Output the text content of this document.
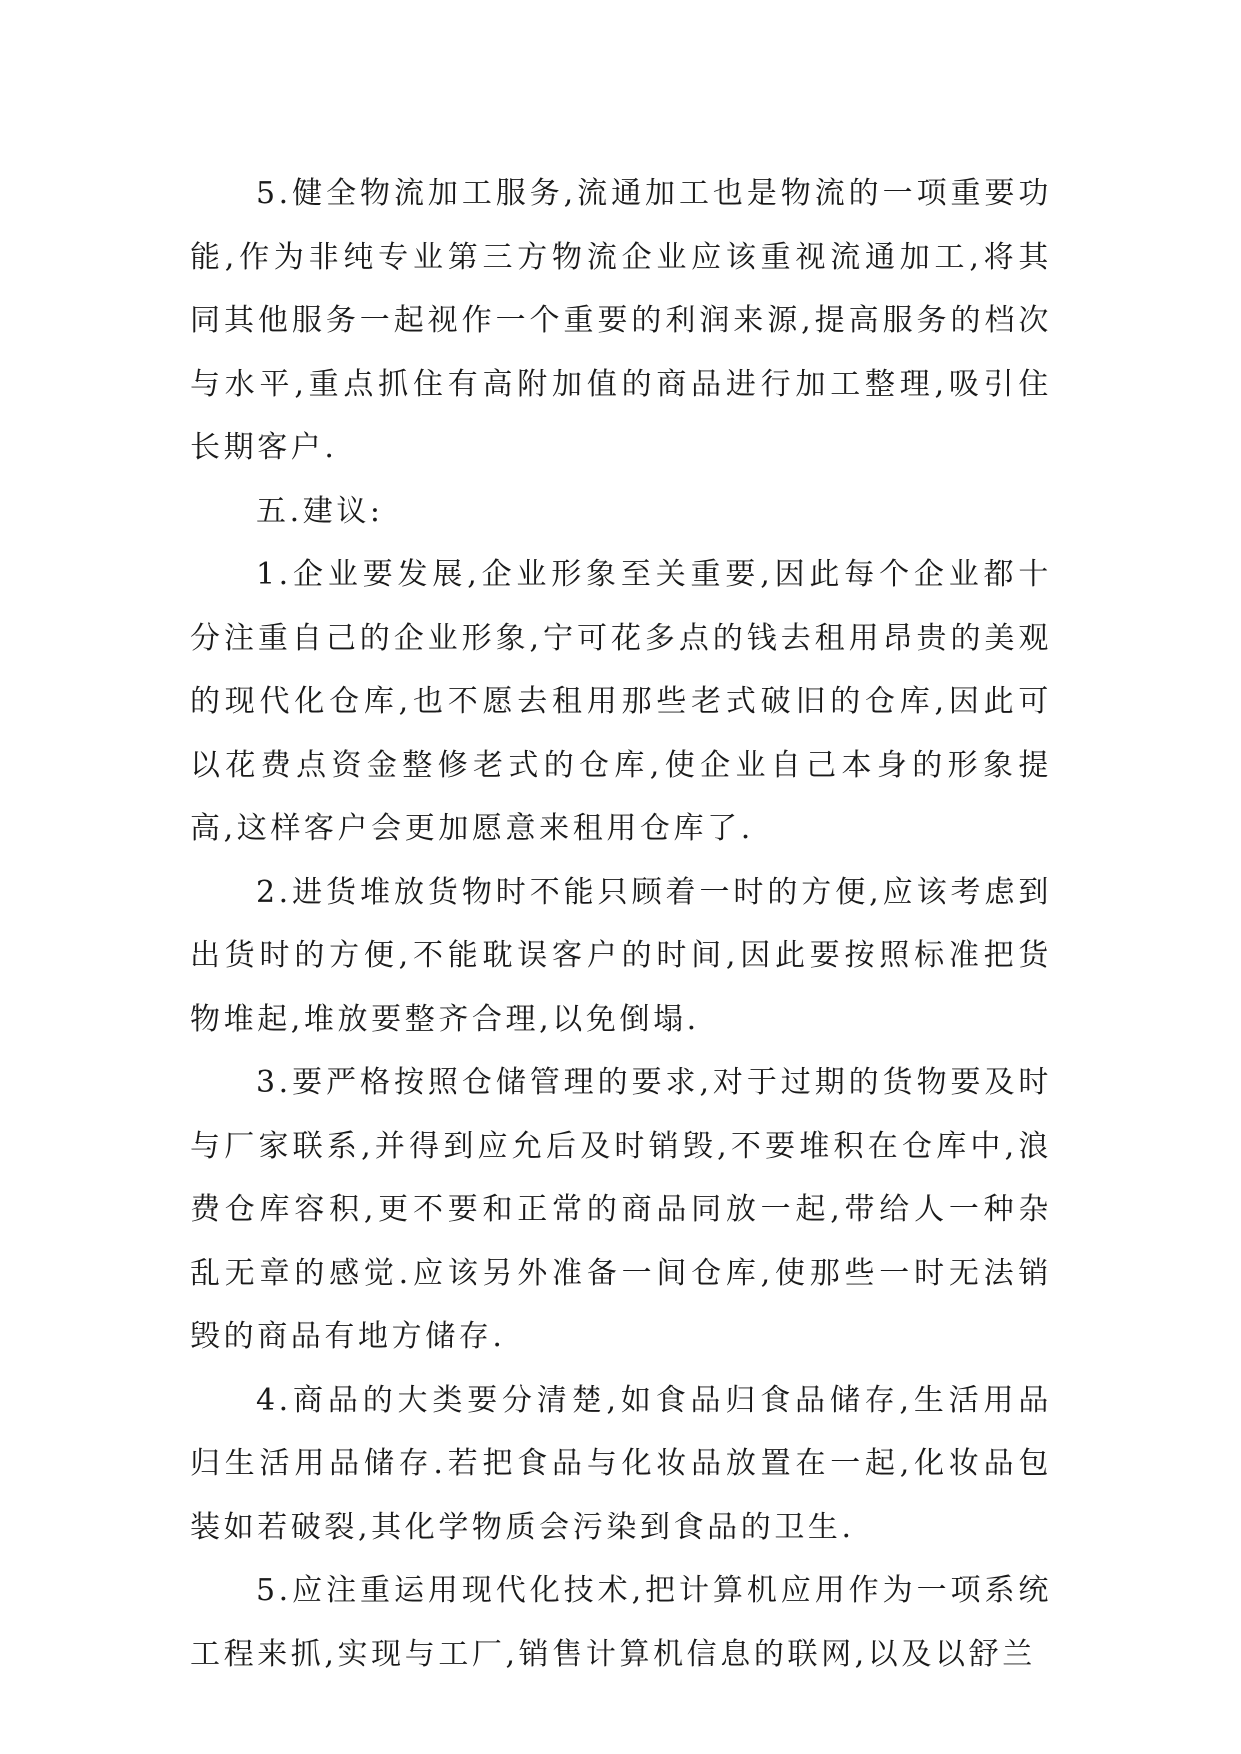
5.健全物流加工服务,流通加工也是物流的一项重要功能,作为非纯专业第三方物流企业应该重视流通加工,将其同其他服务一起视作一个重要的利润来源,提高服务的档次与水平,重点抓住有高附加值的商品进行加工整理,吸引住长期客户.

五.建议:

1.企业要发展,企业形象至关重要,因此每个企业都十分注重自己的企业形象,宁可花多点的钱去租用昂贵的美观的现代化仓库,也不愿去租用那些老式破旧的仓库,因此可以花费点资金整修老式的仓库,使企业自己本身的形象提高,这样客户会更加愿意来租用仓库了.

2.进货堆放货物时不能只顾着一时的方便,应该考虑到出货时的方便,不能耽误客户的时间,因此要按照标准把货物堆起,堆放要整齐合理,以免倒塌.

3.要严格按照仓储管理的要求,对于过期的货物要及时与厂家联系,并得到应允后及时销毁,不要堆积在仓库中,浪费仓库容积,更不要和正常的商品同放一起,带给人一种杂乱无章的感觉.应该另外准备一间仓库,使那些一时无法销毁的商品有地方储存.

4.商品的大类要分清楚,如食品归食品储存,生活用品归生活用品储存.若把食品与化妆品放置在一起,化妆品包装如若破裂,其化学物质会污染到食品的卫生.

5.应注重运用现代化技术,把计算机应用作为一项系统工程来抓,实现与工厂,销售计算机信息的联网,以及以舒兰
